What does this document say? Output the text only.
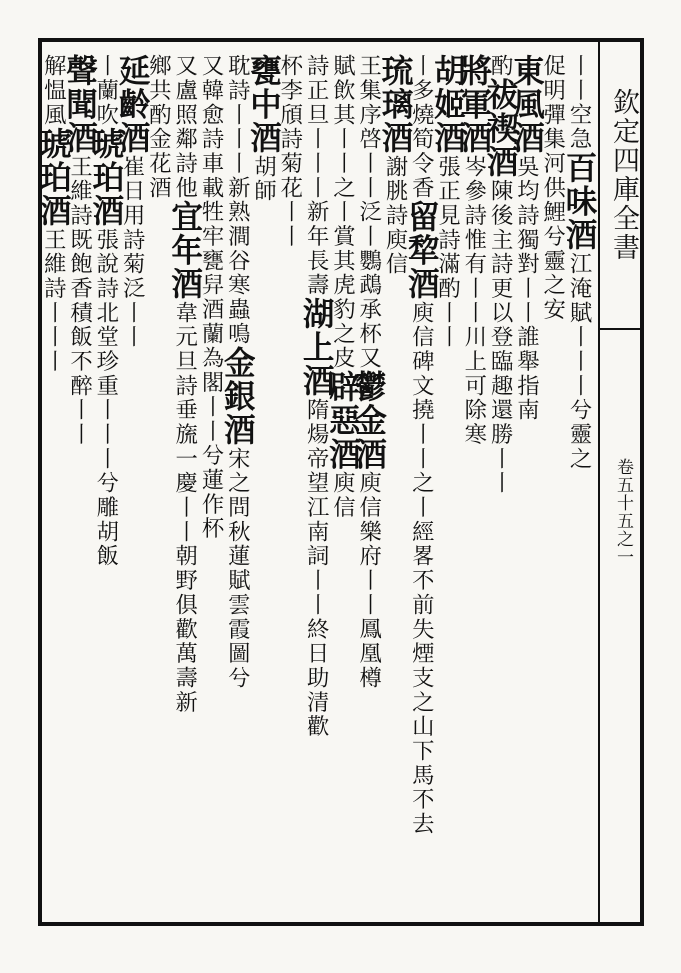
欽定四庫全書
卷五十五之一
丨丨空急百味酒江淹賦丨丨丨兮靈之
促明彈集河供鯉兮靈之安
東風酒吳均詩獨對丨丨誰舉指南
酌祓禊酒陳後主詩更以登臨趣還勝丨丨
將軍酒岑參詩惟有丨丨川上可除寒
胡姬酒張正見詩滿酌丨丨
丨多燒筍令香留犂酒庾信碑文撓丨丨之丨經畧不前失煙支之山下馬不去
琉璃酒謝朓詩庾信
王集序啓丨丨泛丨鸚鵡承杯又鬱金酒庾信樂府丨丨鳳凰樽
賦飲其丨丨之丨賞其虎豹之皮辟惡酒庾信
詩正旦丨丨丨新年長壽湖上酒隋煬帝望江南詞丨丨終日助清歡
杯李頎詩菊花丨丨
甕中酒胡師
耽詩丨丨丨新熟澗谷寒蟲鳴金銀酒宋之問秋蓮賦雲霞圖兮
又韓愈詩車載牲牢甕舁酒蘭為閣丨丨兮蓮作杯
又盧照鄰詩他宜年酒韋元旦詩垂旒一慶丨丨朝野俱歡萬壽新
鄉共酌金花酒
延齡酒崔日用詩菊泛丨丨
丨蘭吹琥珀酒張說詩北堂珍重丨丨丨兮雕胡飯
聲聞酒王維詩既飽香積飯不醉丨丨
解愠風琥珀酒王維詩丨丨丨
